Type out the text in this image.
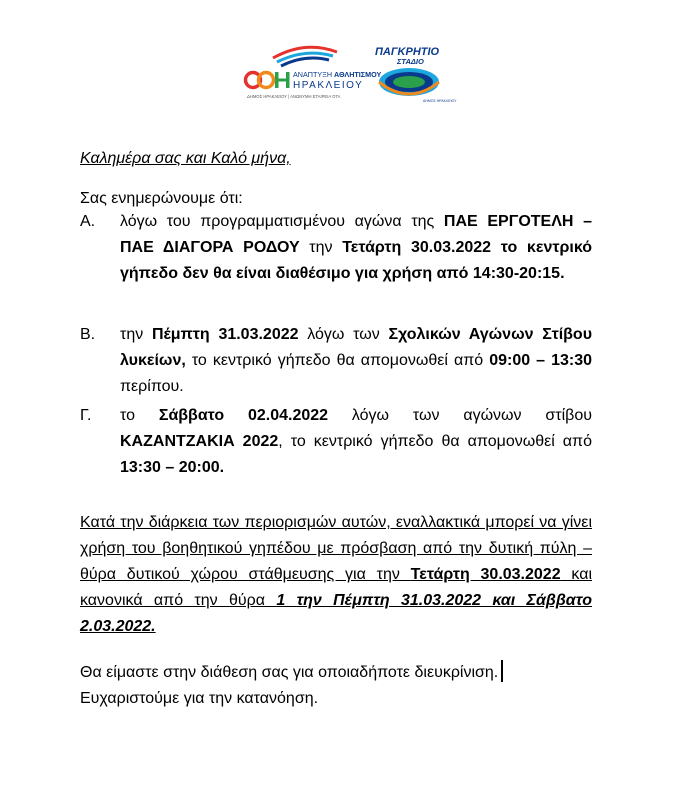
ΑΝΑΠΤΥΞΗ ΑΘΛΗΤΙΣΜΟΥ
ΗΡΑΚΛΕΙΟΥ
ΔΗΜΟΣ ΗΡΑΚΛΕΙΟΥ | ΑΝΩΝΥΜΗ ΕΤΑΙΡΕΙΑ ΟΤΑ
ΠΑΓΚΡΗΤΙΟ
ΣΤΑΔΙΟ
ΔΗΜΟΣ ΗΡΑΚΛΕΙΟΥ

Καλημέρα σας και Καλό μήνα,

Σας ενημερώνουμε ότι:

Α. λόγω του προγραμματισμένου αγώνα της ΠΑΕ ΕΡΓΟΤΕΛΗ – ΠΑΕ ΔΙΑΓΟΡΑ ΡΟΔΟΥ την Τετάρτη 30.03.2022 το κεντρικό γήπεδο δεν θα είναι διαθέσιμο για χρήση από 14:30-20:15.
Β. την Πέμπτη 31.03.2022 λόγω των Σχολικών Αγώνων Στίβου λυκείων, το κεντρικό γήπεδο θα απομονωθεί από 09:00 – 13:30 περίπου.
Γ. το Σάββατο 02.04.2022 λόγω των αγώνων στίβου ΚΑΖΑΝΤΖΑΚΙΑ 2022, το κεντρικό γήπεδο θα απομονωθεί από 13:30 – 20:00.

Κατά την διάρκεια των περιορισμών αυτών, εναλλακτικά μπορεί να γίνει χρήση του βοηθητικού γηπέδου με πρόσβαση από την δυτική πύλη – θύρα δυτικού χώρου στάθμευσης για την Τετάρτη 30.03.2022 και κανονικά από την θύρα 1 την Πέμπτη 31.03.2022 και Σάββατο 2.03.2022.

Θα είμαστε στην διάθεση σας για οποιαδήποτε διευκρίνιση.

Ευχαριστούμε για την κατανόηση.
